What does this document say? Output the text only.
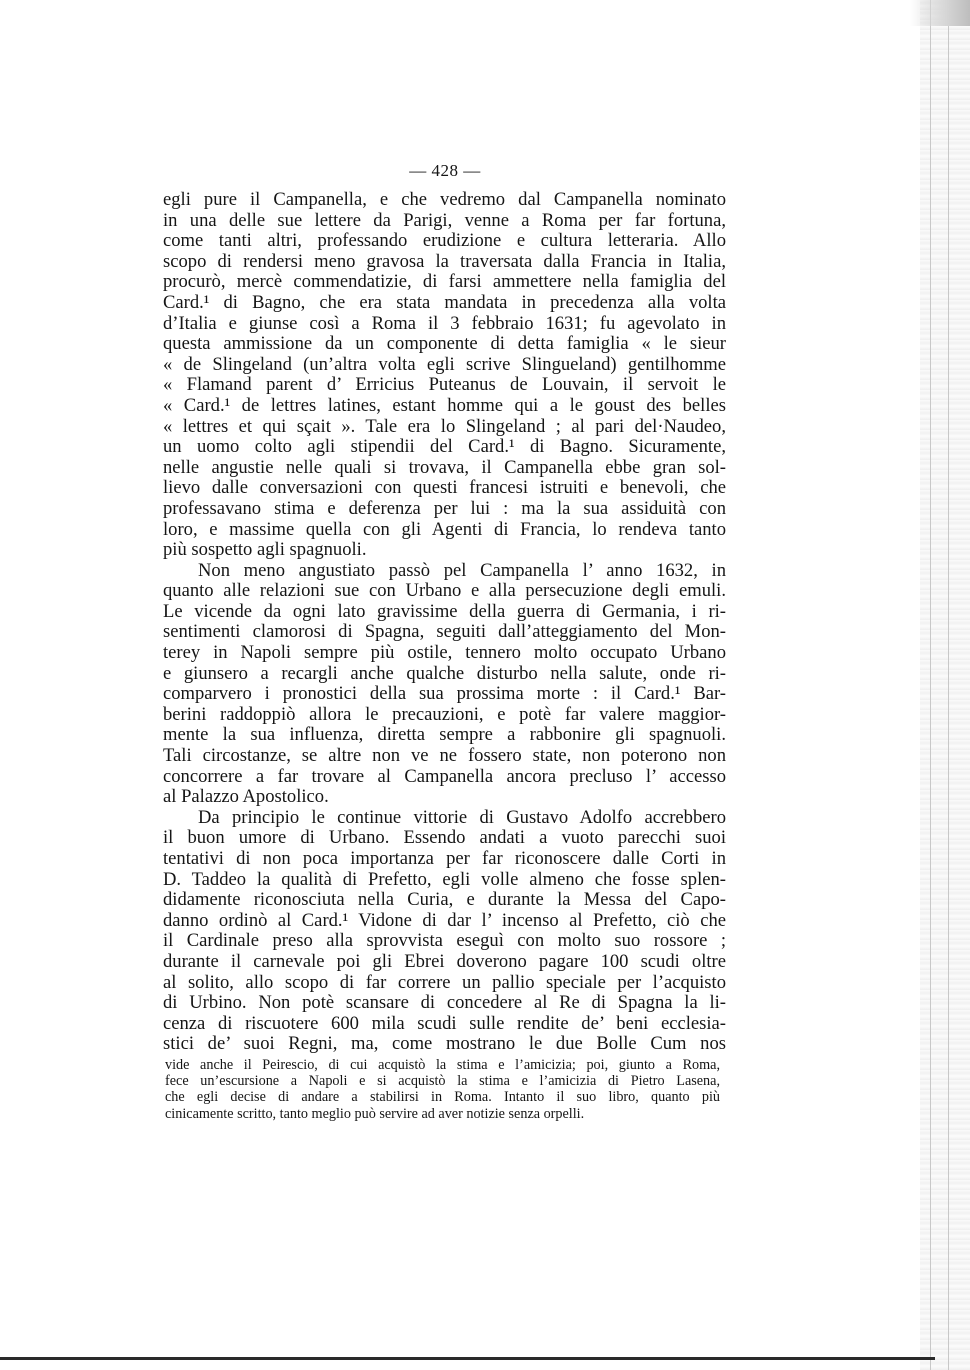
— 428 —
egli pure il Campanella, e che vedremo dal Campanella nominato
in una delle sue lettere da Parigi, venne a Roma per far fortuna,
come tanti altri, professando erudizione e cultura letteraria. Allo
scopo di rendersi meno gravosa la traversata dalla Francia in Italia,
procurò, mercè commendatizie, di farsi ammettere nella famiglia del
Card.¹ di Bagno, che era stata mandata in precedenza alla volta
d’Italia e giunse così a Roma il 3 febbraio 1631; fu agevolato in
questa ammissione da un componente di detta famiglia « le sieur
« de Slingeland (un’altra volta egli scrive Slingueland) gentilhomme
« Flamand parent d’ Erricius Puteanus de Louvain, il servoit le
« Card.¹ de lettres latines, estant homme qui a le goust des belles
« lettres et qui sçait ». Tale era lo Slingeland ; al pari del·Naudeo,
un uomo colto agli stipendii del Card.¹ di Bagno. Sicuramente,
nelle angustie nelle quali si trovava, il Campanella ebbe gran sol-
lievo dalle conversazioni con questi francesi istruiti e benevoli, che
professavano stima e deferenza per lui : ma la sua assiduità con
loro, e massime quella con gli Agenti di Francia, lo rendeva tanto
più sospetto agli spagnuoli.
Non meno angustiato passò pel Campanella l’ anno 1632, in
quanto alle relazioni sue con Urbano e alla persecuzione degli emuli.
Le vicende da ogni lato gravissime della guerra di Germania, i ri-
sentimenti clamorosi di Spagna, seguiti dall’atteggiamento del Mon-
terey in Napoli sempre più ostile, tennero molto occupato Urbano
e giunsero a recargli anche qualche disturbo nella salute, onde ri-
comparvero i pronostici della sua prossima morte : il Card.¹ Bar-
berini raddoppiò allora le precauzioni, e potè far valere maggior-
mente la sua influenza, diretta sempre a rabbonire gli spagnuoli.
Tali circostanze, se altre non ve ne fossero state, non poterono non
concorrere a far trovare al Campanella ancora precluso l’ accesso
al Palazzo Apostolico.
Da principio le continue vittorie di Gustavo Adolfo accrebbero
il buon umore di Urbano. Essendo andati a vuoto parecchi suoi
tentativi di non poca importanza per far riconoscere dalle Corti in
D. Taddeo la qualità di Prefetto, egli volle almeno che fosse splen-
didamente riconosciuta nella Curia, e durante la Messa del Capo-
danno ordinò al Card.¹ Vidone di dar l’ incenso al Prefetto, ciò che
il Cardinale preso alla sprovvista eseguì con molto suo rossore ;
durante il carnevale poi gli Ebrei doverono pagare 100 scudi oltre
al solito, allo scopo di far correre un pallio speciale per l’acquisto
di Urbino. Non potè scansare di concedere al Re di Spagna la li-
cenza di riscuotere 600 mila scudi sulle rendite de’ beni ecclesia-
stici de’ suoi Regni, ma, come mostrano le due Bolle Cum nos
vide anche il Peirescio, di cui acquistò la stima e l’amicizia; poi, giunto a Roma,
fece un’escursione a Napoli e si acquistò la stima e l’amicizia di Pietro Lasena,
che egli decise di andare a stabilirsi in Roma. Intanto il suo libro, quanto più
cinicamente scritto, tanto meglio può servire ad aver notizie senza orpelli.
